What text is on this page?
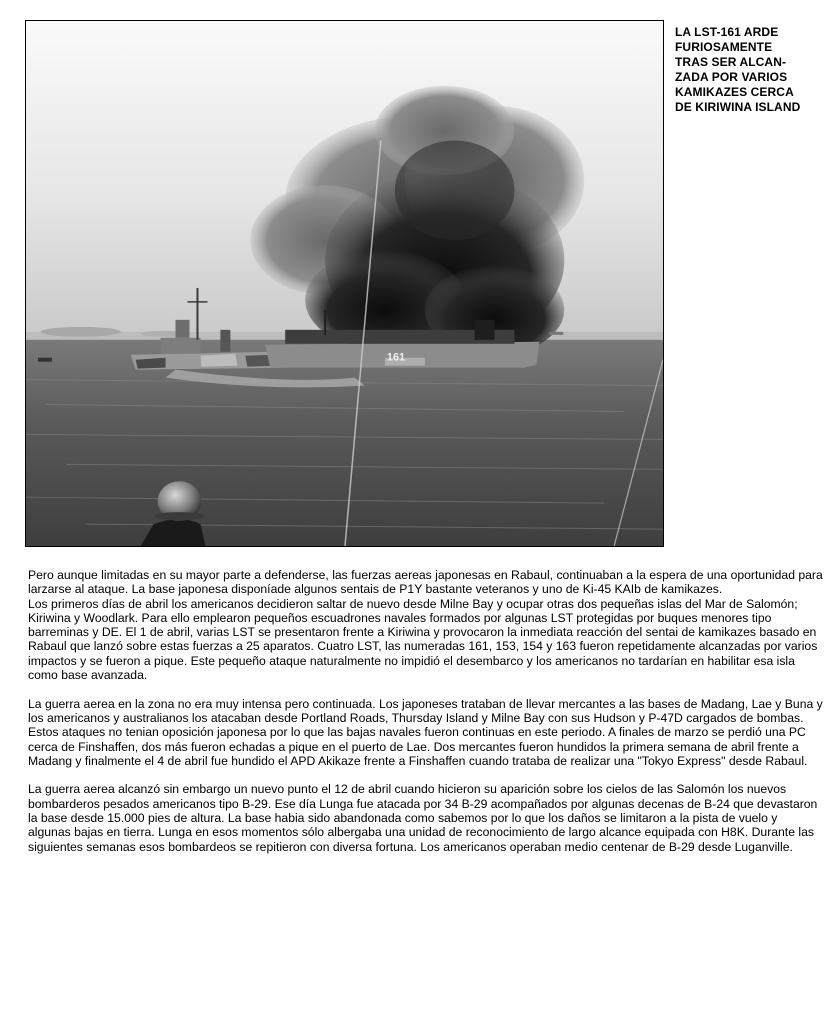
161
LA LST-161 ARDE
FURIOSAMENTE
TRAS SER ALCAN-
ZADA POR VARIOS
KAMIKAZES CERCA
DE KIRIWINA ISLAND

Pero aunque limitadas en su mayor parte a defenderse, las fuerzas aereas japonesas en Rabaul, continuaban a la espera de una oportunidad para larzarse al ataque. La base japonesa disponíade algunos sentais de P1Y bastante veteranos y uno de Ki-45 KAIb de kamikazes.

Los primeros días de abril los americanos decidieron saltar de nuevo desde Milne Bay y ocupar otras dos pequeñas islas del Mar de Salomón; Kiriwina y Woodlark. Para ello emplearon pequeños escuadrones navales formados por algunas LST protegidas por buques menores tipo barreminas y DE. El 1 de abril, varias LST se presentaron frente a Kiriwina y provocaron la inmediata reacción del sentai de kamikazes basado en Rabaul que lanzó sobre estas fuerzas a 25 aparatos. Cuatro LST, las numeradas 161, 153, 154 y 163 fueron repetidamente alcanzadas por varios impactos y se fueron a pique. Este pequeño ataque naturalmente no impidió el desembarco y los americanos no tardarían en habilitar esa isla como base avanzada.

La guerra aerea en la zona no era muy intensa pero continuada. Los japoneses trataban de llevar mercantes a las bases de Madang, Lae y Buna y los americanos y australianos los atacaban desde Portland Roads, Thursday Island y Milne Bay con sus Hudson y P-47D cargados de bombas. Estos ataques no tenian oposición japonesa por lo que las bajas navales fueron continuas en este periodo. A finales de marzo se perdió una PC cerca de Finshaffen, dos más fueron echadas a pique en el puerto de Lae. Dos mercantes fueron hundidos la primera semana de abril frente a Madang y finalmente el 4 de abril fue hundido el APD Akikaze frente a Finshaffen cuando trataba de realizar una "Tokyo Express" desde Rabaul.

La guerra aerea alcanzó sin embargo un nuevo punto el 12 de abril cuando hicieron su aparición sobre los cielos de las Salomón los nuevos bombarderos pesados americanos tipo B-29. Ese día Lunga fue atacada por 34 B-29 acompañados por algunas decenas de B-24 que devastaron la base desde 15.000 pies de altura. La base habia sido abandonada como sabemos por lo que los daños se limitaron a la pista de vuelo y algunas bajas en tierra. Lunga en esos momentos sólo albergaba una unidad de reconocimiento de largo alcance equipada con H8K. Durante las siguientes semanas esos bombardeos se repitieron con diversa fortuna. Los americanos operaban medio centenar de B-29 desde Luganville.
